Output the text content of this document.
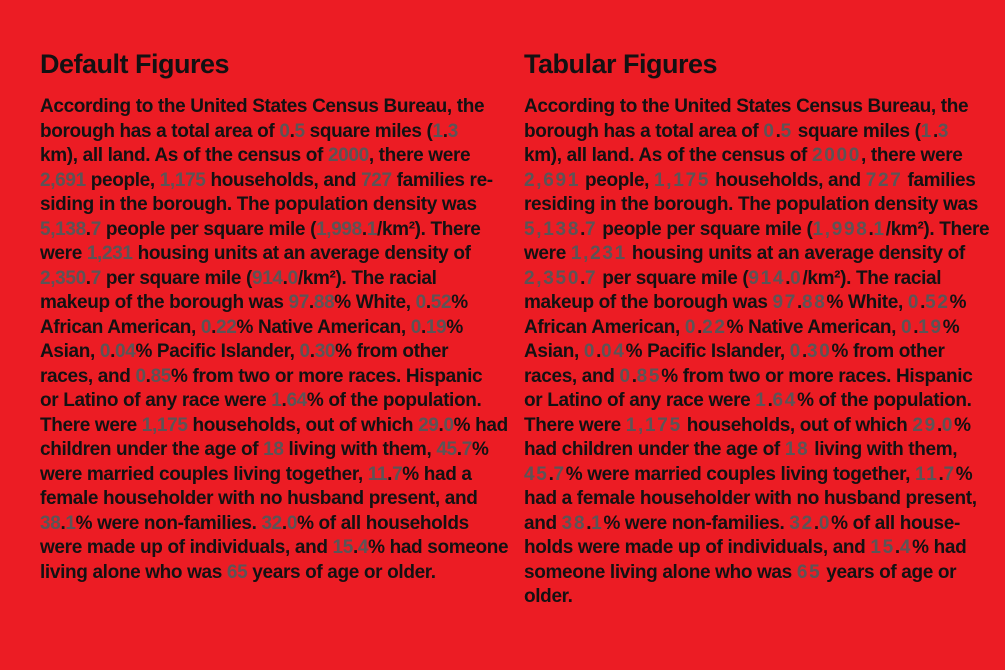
Default Figures
According to the United States Census Bureau, the
borough has a total area of 0.5 square miles (1.3
km), all land. As of the census of 2000, there were
2,691 people, 1,175 households, and 727 families re-
siding in the borough. The population density was
5,138.7 people per square mile (1,998.1/km²). There
were 1,231 housing units at an average density of
2,350.7 per square mile (914.0/km²). The racial
makeup of the borough was 97.88% White, 0.52%
African American, 0.22% Native American, 0.19%
Asian, 0.04% Pacific Islander, 0.30% from other
races, and 0.85% from two or more races. Hispanic
or Latino of any race were 1.64% of the population.
There were 1,175 households, out of which 29.0% had
children under the age of 18 living with them, 45.7%
were married couples living together, 11.7% had a
female householder with no husband present, and
38.1% were non-families. 32.0% of all households
were made up of individuals, and 15.4% had someone
living alone who was 65 years of age or older.
Tabular Figures
According to the United States Census Bureau, the
borough has a total area of 0.5 square miles (1.3
km), all land. As of the census of 2000, there were
2,691 people, 1,175 households, and 727 families
residing in the borough. The population density was
5,138.7 people per square mile (1,998.1/km²). There
were 1,231 housing units at an average density of
2,350.7 per square mile (914.0/km²). The racial
makeup of the borough was 97.88% White, 0.52%
African American, 0.22% Native American, 0.19%
Asian, 0.04% Pacific Islander, 0.30% from other
races, and 0.85% from two or more races. Hispanic
or Latino of any race were 1.64% of the population.
There were 1,175 households, out of which 29.0%
had children under the age of 18 living with them,
45.7% were married couples living together, 11.7%
had a female householder with no husband present,
and 38.1% were non-families. 32.0% of all house-
holds were made up of individuals, and 15.4% had
someone living alone who was 65 years of age or
older.
